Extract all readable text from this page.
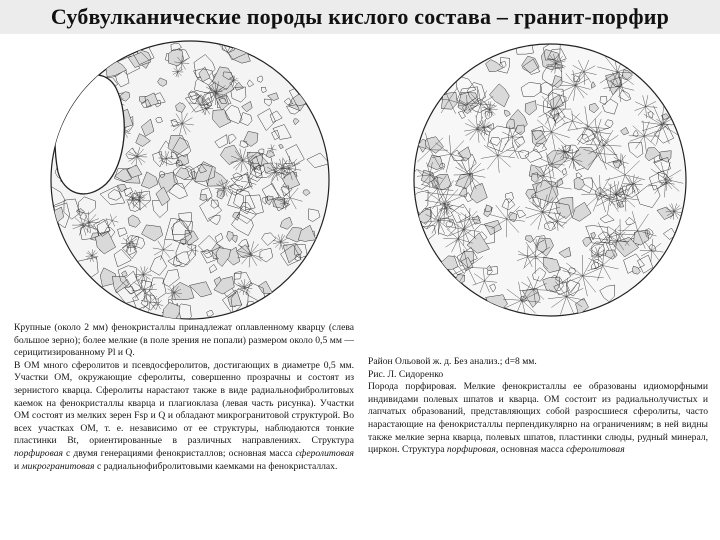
Субвулканические породы кислого состава – гранит-порфир

Крупные (около 2 мм) фенокристаллы принадлежат оплавленному кварцу (слева большое зерно); более мелкие (в поле зрения не попали) размером около 0,5 мм — серицитизированному Pl и Q.

В ОМ много сферолитов и псевдосферолитов, достигающих в диаметре 0,5 мм. Участки ОМ, окружающие сферолиты, совершенно прозрачны и состоят из зернистого кварца. Сферолиты нарастают также в виде радиальнофибролитовых каемок на фенокристаллы кварца и плагиоклаза (левая часть рисунка). Участки ОМ состоят из мелких зерен Fsp и Q и обладают микрогранитовой структурой. Во всех участках ОМ, т. е. независимо от ее структуры, наблюдаются тонкие пластинки Bt, ориентированные в различных направлениях. Структура порфировая с двумя генерациями фенокристаллов; основная масса сферолитовая и микрогранитовая с радиальнофибролитовыми каемками на фенокристаллах.

Район Ольовой ж. д. Без анализ.; d=8 мм.

Рис. Л. Сидоренко

Порода порфировая. Мелкие фенокристаллы ее образованы идиоморфными индивидами полевых шпатов и кварца. ОМ состоит из радиальнолучистых и лапчатых образований, представляющих собой разросшиеся сферолиты, часто нарастающие на фенокристаллы перпендикулярно на ограничениям; в ней видны также мелкие зерна кварца, полевых шпатов, пластинки слюды, рудный минерал, циркон. Структура порфировая, основная масса сферолитовая
